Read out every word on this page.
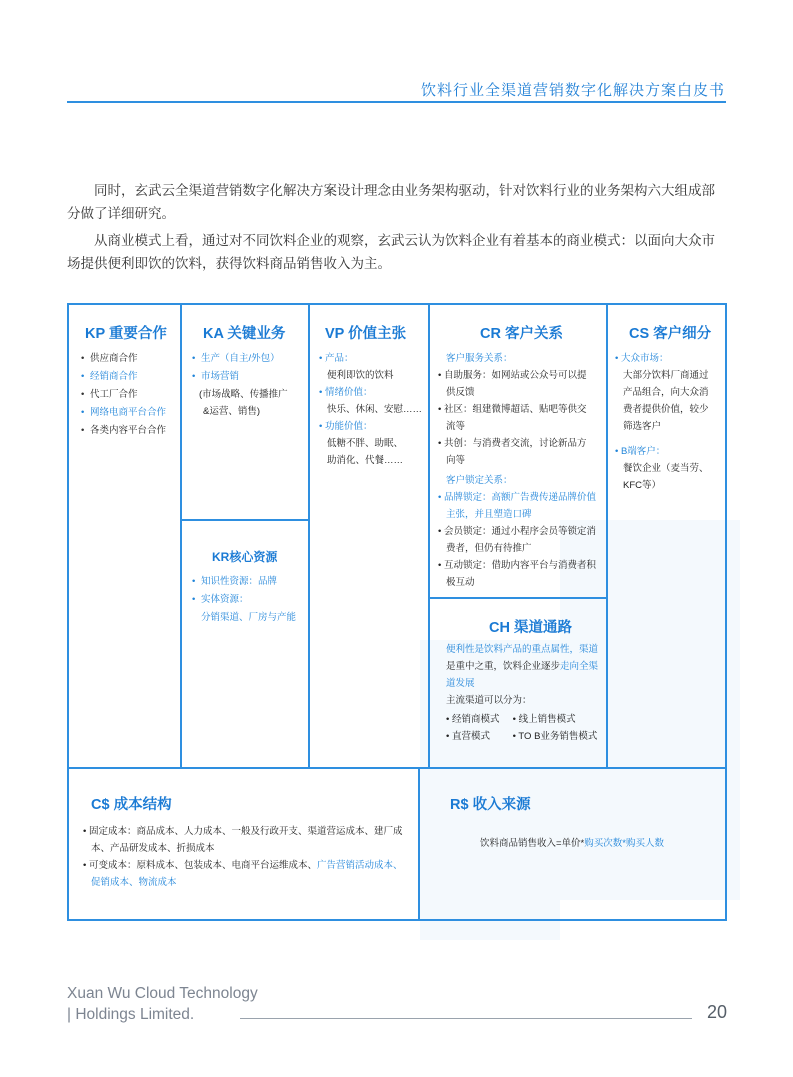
饮料行业全渠道营销数字化解决方案白皮书

同时，玄武云全渠道营销数字化解决方案设计理念由业务架构驱动，针对饮料行业的业务架构六大组成部分做了详细研究。

从商业模式上看，通过对不同饮料企业的观察，玄武云认为饮料企业有着基本的商业模式：以面向大众市场提供便利即饮的饮料，获得饮料商品销售收入为主。

KP 重要合作
• 供应商合作
• 经销商合作
• 代工厂合作
• 网络电商平台合作
• 各类内容平台合作
KA 关键业务
• 生产（自主/外包）
• 市场营销

(市场战略、传播推广

&运营、销售)

KR核心资源
• 知识性资源：品牌
• 实体资源：
分销渠道、厂房与产能
VP 价值主张

• 产品：

便利即饮的饮料

• 情绪价值：

快乐、休闲、安慰……

• 功能价值：

低糖不胖、助眠、

助消化、代餐……

CR 客户关系

客户服务关系：

• 自助服务：如网站或公众号可以提

供反馈

• 社区：组建微博超话、贴吧等供交

流等

• 共创：与消费者交流，讨论新品方

向等

客户锁定关系：

• 品牌锁定：高额广告费传递品牌价值

主张，并且塑造口碑

• 会员锁定：通过小程序会员等锁定消

费者，但仍有待推广

• 互动锁定：借助内容平台与消费者积

极互动

CH 渠道通路

便利性是饮料产品的重点属性，渠道

是重中之重，饮料企业逐步走向全渠

道发展

主流渠道可以分为：

• 经销商模式 • 线上销售模式

• 直营模式 • TO B业务销售模式

CS 客户细分

• 大众市场：

大部分饮料厂商通过

产品组合，向大众消

费者提供价值，较少

筛选客户

• B端客户：

餐饮企业（麦当劳、

KFC等）

C$ 成本结构

• 固定成本：商品成本、人力成本、一般及行政开支、渠道营运成本、建厂成

本、产品研发成本、折损成本

• 可变成本：原料成本、包装成本、电商平台运维成本、广告营销活动成本、

促销成本、物流成本

R$ 收入来源
饮料商品销售收入=单价*购买次数*购买人数
Xuan Wu Cloud Technology
| Holdings Limited.	20
